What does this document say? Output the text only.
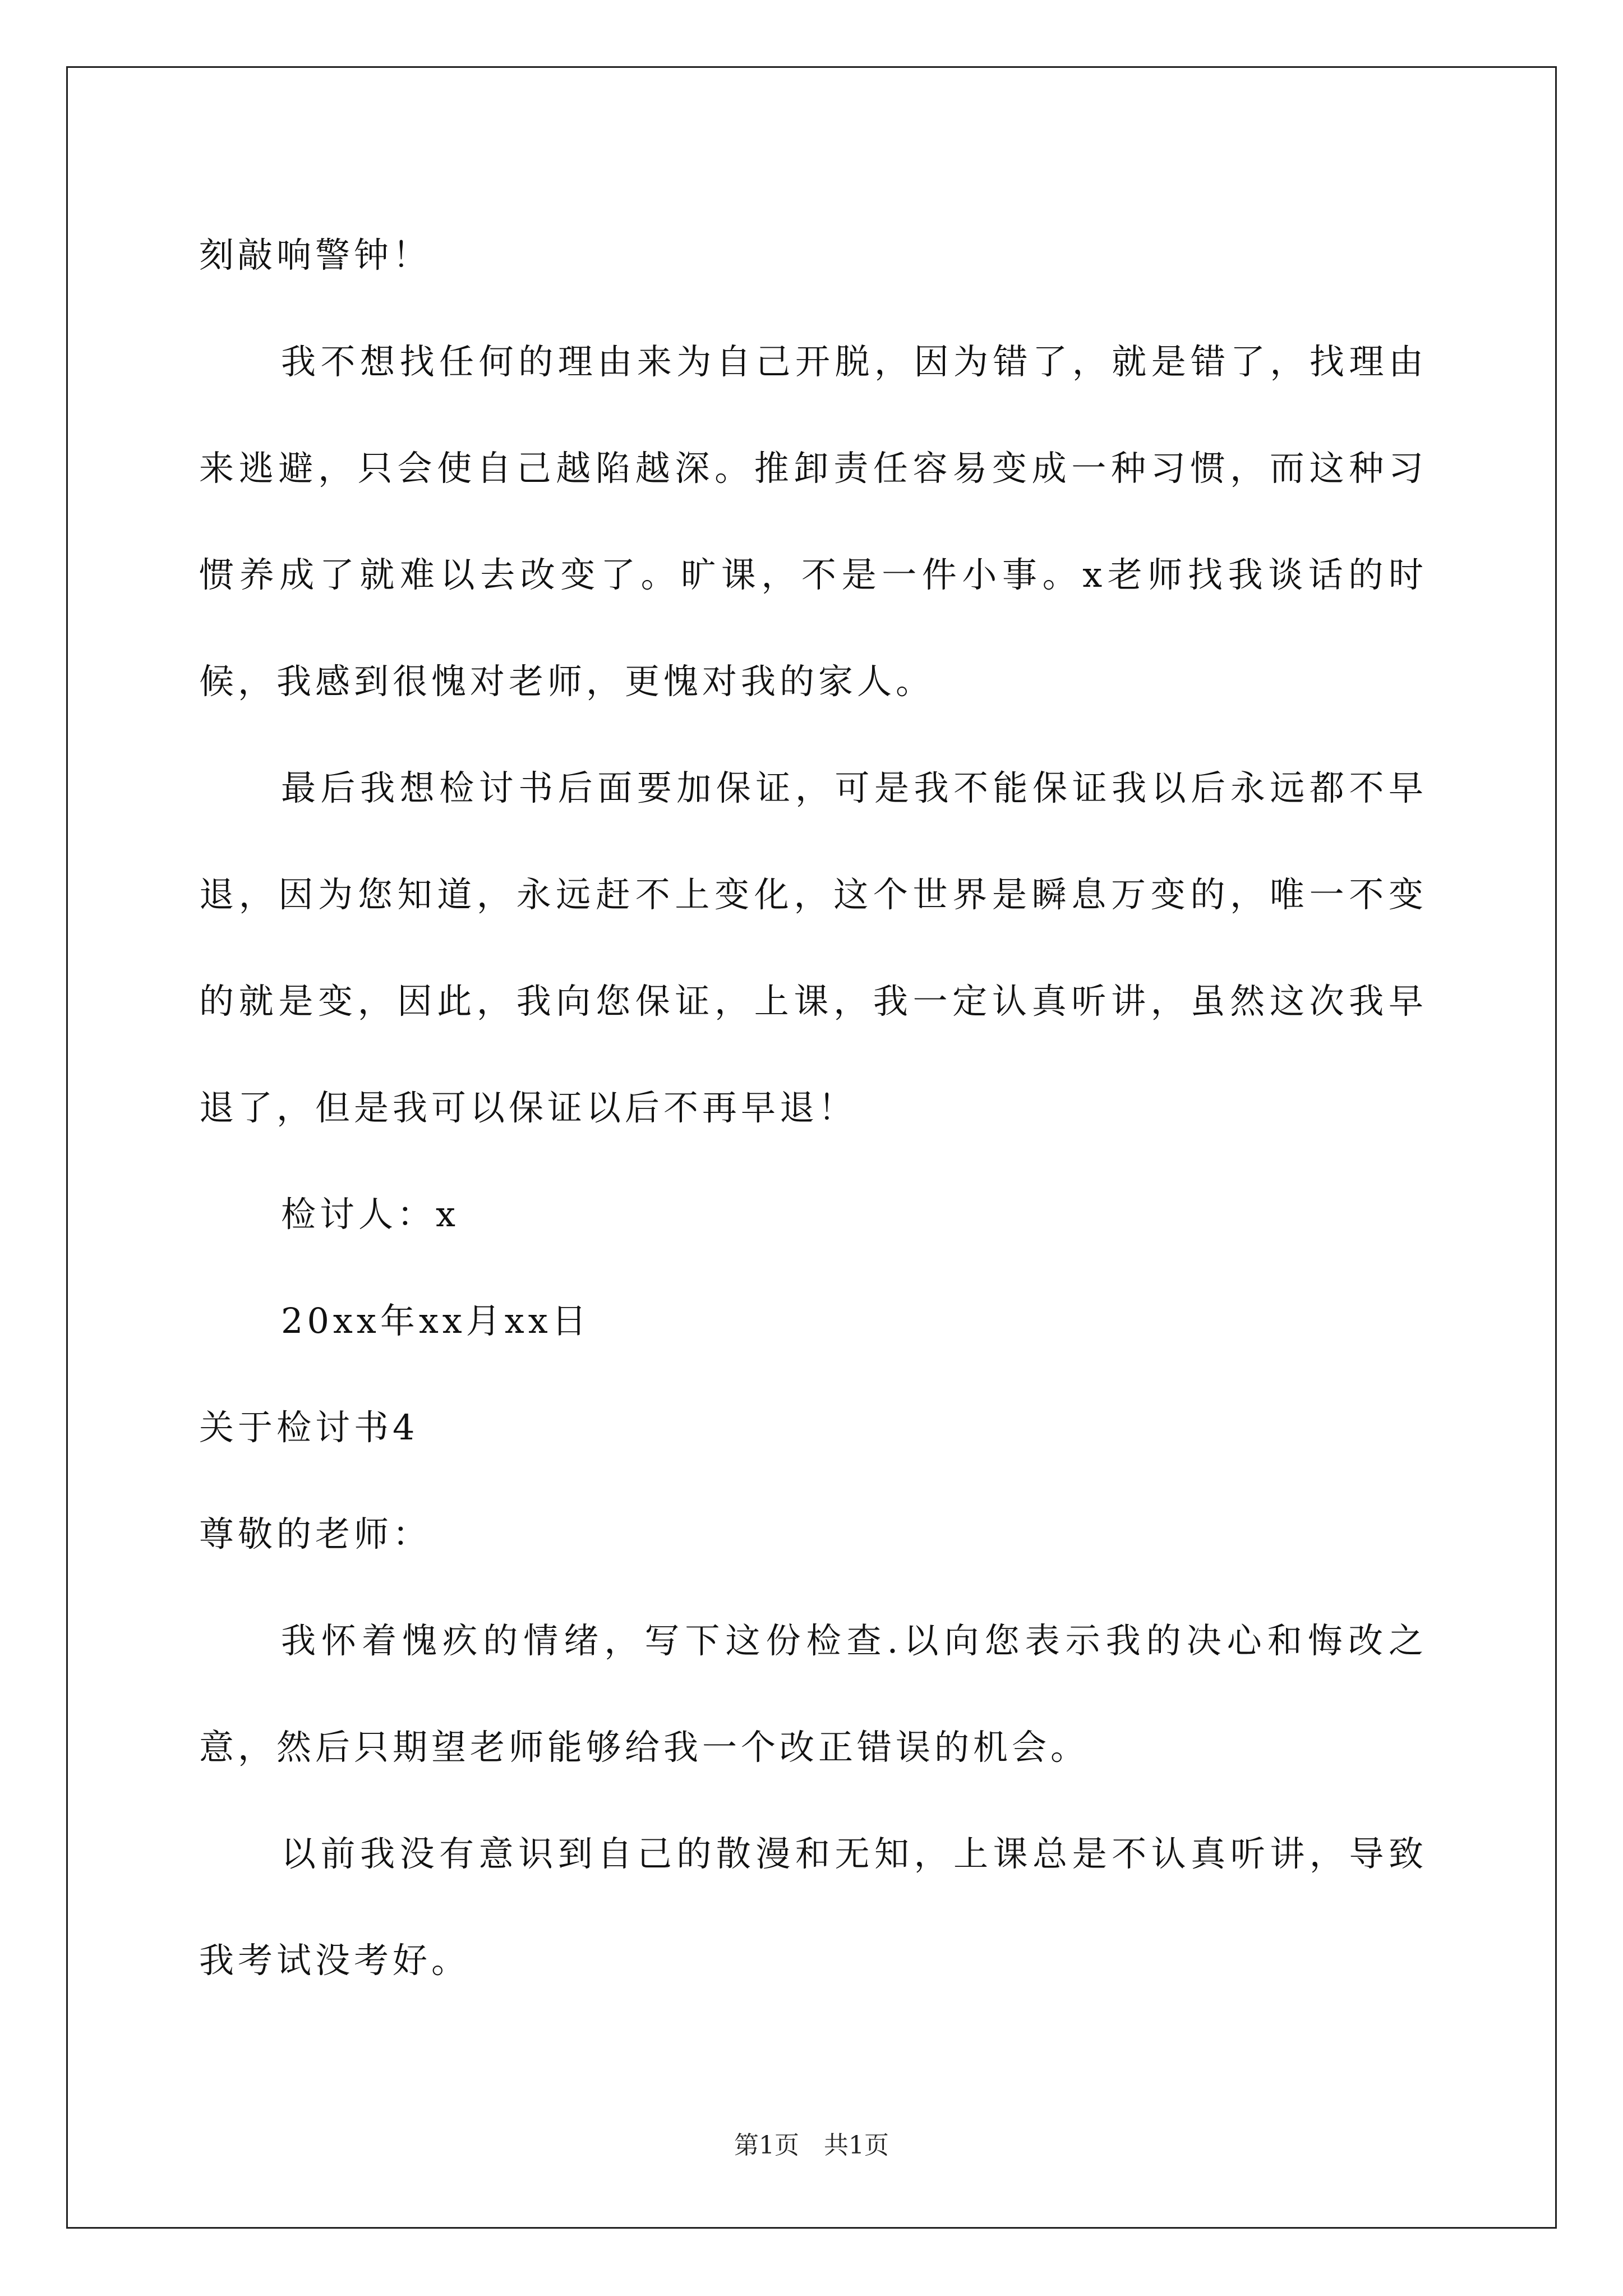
刻敲响警钟！

我不想找任何的理由来为自己开脱，因为错了，就是错了，找理由来逃避，只会使自己越陷越深。推卸责任容易变成一种习惯，而这种习惯养成了就难以去改变了。旷课，不是一件小事。x老师找我谈话的时候，我感到很愧对老师，更愧对我的家人。

最后我想检讨书后面要加保证，可是我不能保证我以后永远都不早退，因为您知道，永远赶不上变化，这个世界是瞬息万变的，唯一不变的就是变，因此，我向您保证，上课，我一定认真听讲，虽然这次我早退了，但是我可以保证以后不再早退！

检讨人：x

20xx年xx月xx日

关于检讨书4

尊敬的老师：

我怀着愧疚的情绪，写下这份检查.以向您表示我的决心和悔改之意，然后只期望老师能够给我一个改正错误的机会。

以前我没有意识到自己的散漫和无知，上课总是不认真听讲，导致我考试没考好。

第1页　共1页
